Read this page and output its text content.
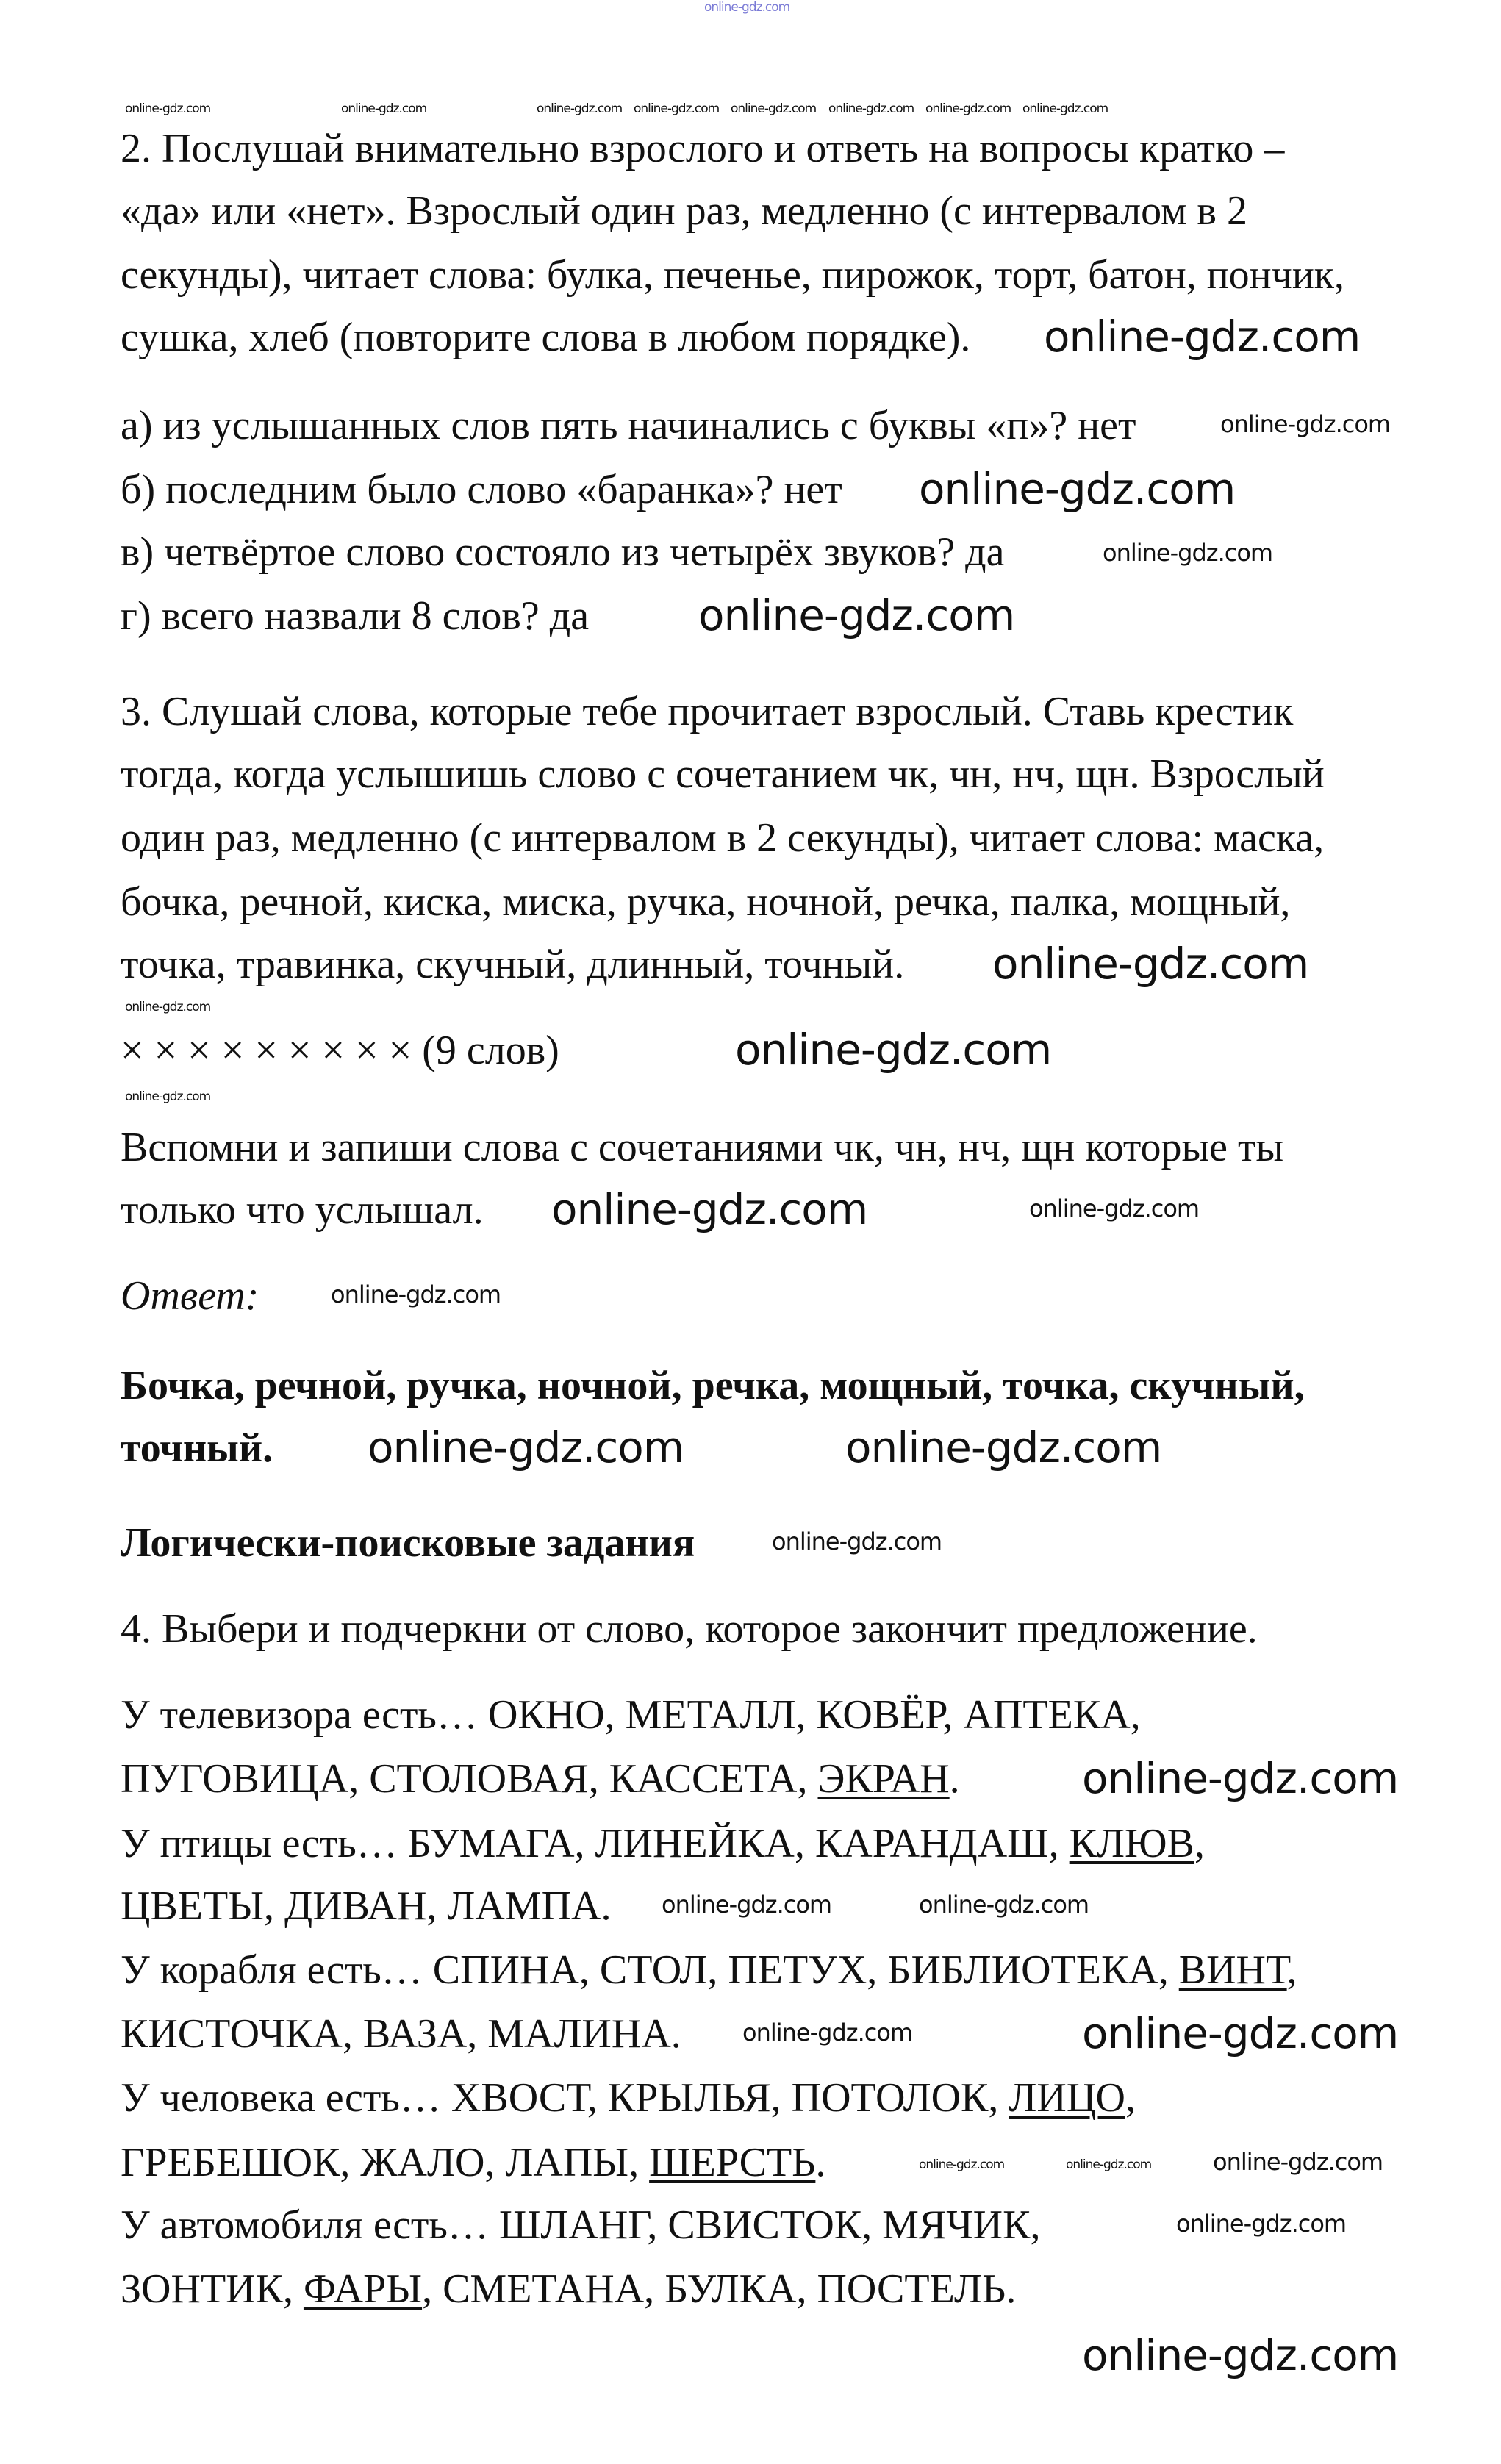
2. Послушай внимательно взрослого и ответь на вопросы кратко –
«да» или «нет». Взрослый один раз, медленно (с интервалом в 2
секунды), читает слова: булка, печенье, пирожок, торт, батон, пончик,
сушка, хлеб (повторите слова в любом порядке).
а) из услышанных слов пять начинались с буквы «п»? нет
б) последним было слово «баранка»? нет
в) четвёртое слово состояло из четырёх звуков? да
г) всего назвали 8 слов? да
3. Слушай слова, которые тебе прочитает взрослый. Ставь крестик
тогда, когда услышишь слово с сочетанием чк, чн, нч, щн. Взрослый
один раз, медленно (с интервалом в 2 секунды), читает слова: маска,
бочка, речной, киска, миска, ручка, ночной, речка, палка, мощный,
точка, травинка, скучный, длинный, точный.
× × × × × × × × × (9 слов)
Вспомни и запиши слова с сочетаниями чк, чн, нч, щн которые ты
только что услышал.
Ответ:
Бочка, речной, ручка, ночной, речка, мощный, точка, скучный,
точный.
Логически-поисковые задания
4. Выбери и подчеркни от слово, которое закончит предложение.
У телевизора есть… ОКНО, МЕТАЛЛ, КОВЁР, АПТЕКА,
ПУГОВИЦА, СТОЛОВАЯ, КАССЕТА, ЭКРАН.
У птицы есть… БУМАГА, ЛИНЕЙКА, КАРАНДАШ, КЛЮВ,
ЦВЕТЫ, ДИВАН, ЛАМПА.
У корабля есть… СПИНА, СТОЛ, ПЕТУХ, БИБЛИОТЕКА, ВИНТ,
КИСТОЧКА, ВАЗА, МАЛИНА.
У человека есть… ХВОСТ, КРЫЛЬЯ, ПОТОЛОК, ЛИЦО,
ГРЕБЕШОК, ЖАЛО, ЛАПЫ, ШЕРСТЬ.
У автомобиля есть… ШЛАНГ, СВИСТОК, МЯЧИК,
ЗОНТИК, ФАРЫ, СМЕТАНА, БУЛКА, ПОСТЕЛЬ.
online-gdz.com
online-gdz.com	online-gdz.com	online-gdz.com online-gdz.com online-gdz.com online-gdz.com online-gdz.com online-gdz.com
online-gdz.com
online-gdz.com
online-gdz.com
online-gdz.com
online-gdz.com
online-gdz.com
online-gdz.com
online-gdz.com
online-gdz.com
online-gdz.com
online-gdz.com
online-gdz.com	online-gdz.com
online-gdz.com	online-gdz.com
online-gdz.com
online-gdz.com
online-gdz.com
online-gdz.com
online-gdz.com
online-gdz.com	online-gdz.com
online-gdz.com
online-gdz.com
online-gdz.com
